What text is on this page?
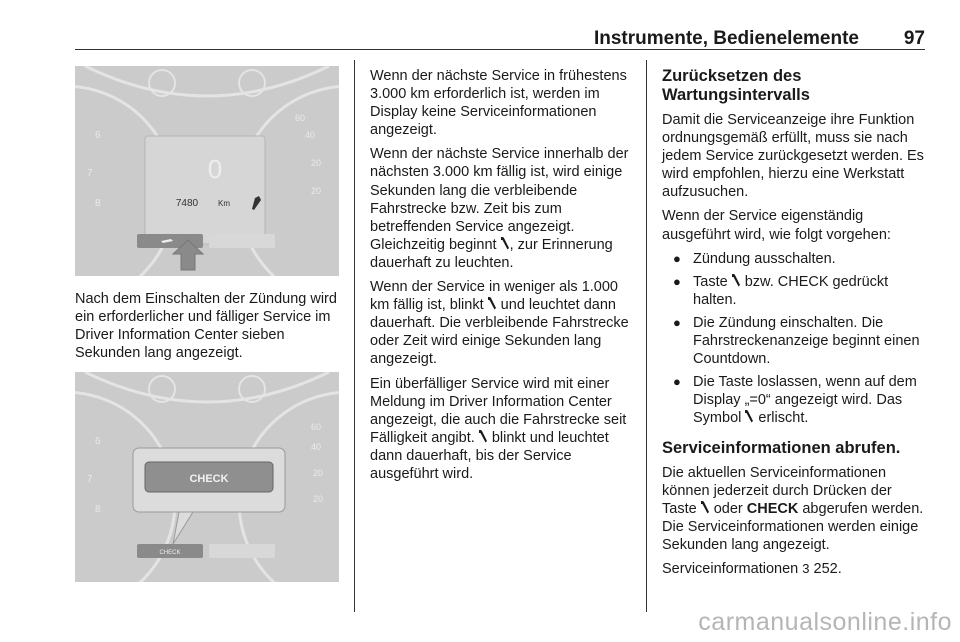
Instrumente, Bedienelemente 97
6
7
8
60
40
20
20
0
7480 Km
6
7
8
60
40
20
20
CHECK
CHECK

Nach dem Einschalten der Zündung wird ein erforderlicher und fälliger Service im Driver Information Center sieben Sekunden lang angezeigt.

Wenn der nächste Service in frühestens 3.000 km erforderlich ist, werden im Display keine Serviceinformationen angezeigt.

Wenn der nächste Service innerhalb der nächsten 3.000 km fällig ist, wird einige Sekunden lang die verbleibende Fahrstrecke bzw. Zeit bis zum betreffenden Service angezeigt. Gleichzeitig beginnt , zur Erinnerung dauerhaft zu leuchten.

Wenn der Service in weniger als 1.000 km fällig ist, blinkt  und leuchtet dann dauerhaft. Die verbleibende Fahrstrecke oder Zeit wird einige Sekunden lang angezeigt.

Ein überfälliger Service wird mit einer Meldung im Driver Information Center angezeigt, die auch die Fahrstrecke seit Fälligkeit angibt.  blinkt und leuchtet dann dauerhaft, bis der Service ausgeführt wird.

Zurücksetzen des Wartungsintervalls

Damit die Serviceanzeige ihre Funktion ordnungsgemäß erfüllt, muss sie nach jedem Service zurückgesetzt werden. Es wird empfohlen, hierzu eine Werkstatt aufzusuchen.

Wenn der Service eigenständig ausgeführt wird, wie folgt vorgehen:

● Zündung ausschalten.
● Taste  bzw. CHECK gedrückt halten.
● Die Zündung einschalten. Die Fahrstreckenanzeige beginnt einen Countdown.
● Die Taste loslassen, wenn auf dem Display „=0“ angezeigt wird. Das Symbol  erlischt.
Serviceinformationen abrufen.

Die aktuellen Serviceinformationen können jederzeit durch Drücken der Taste  oder CHECK abgerufen werden. Die Serviceinformationen werden einige Sekunden lang angezeigt.

Serviceinformationen 3 252.

carmanualsonline.info
